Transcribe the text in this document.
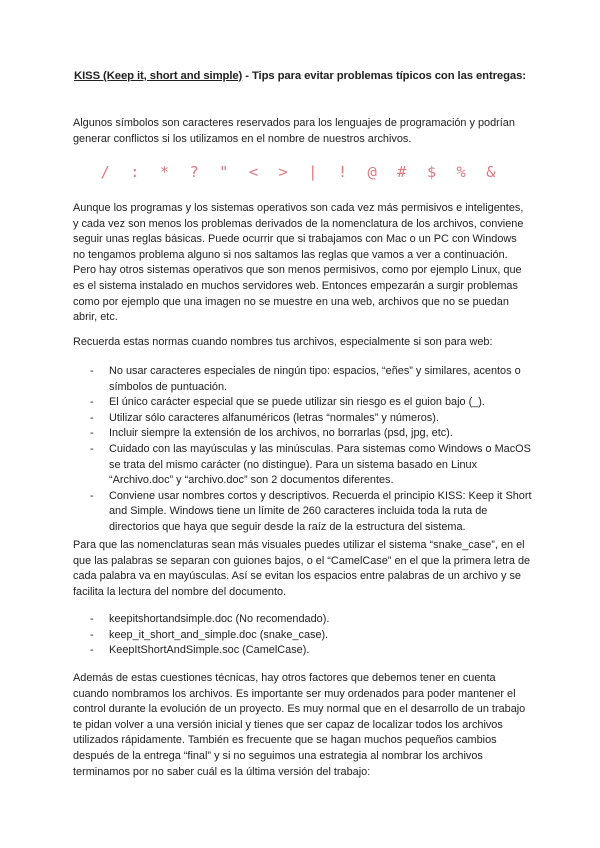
KISS (Keep it, short and simple) - Tips para evitar problemas típicos con las entregas:

Algunos símbolos son caracteres reservados para los lenguajes de programación y podrían generar conflictos si los utilizamos en el nombre de nuestros archivos.

/ : * ? " < > | ! @ # $ % &

Aunque los programas y los sistemas operativos son cada vez más permisivos e inteligentes, y cada vez son menos los problemas derivados de la nomenclatura de los archivos, conviene seguir unas reglas básicas. Puede ocurrir que si trabajamos con Mac o un PC con Windows no tengamos problema alguno si nos saltamos las reglas que vamos a ver a continuación. Pero hay otros sistemas operativos que son menos permisivos, como por ejemplo Linux, que es el sistema instalado en muchos servidores web. Entonces empezarán a surgir problemas como por ejemplo que una imagen no se muestre en una web, archivos que no se puedan abrir, etc.

Recuerda estas normas cuando nombres tus archivos, especialmente si son para web:

- No usar caracteres especiales de ningún tipo: espacios, “eñes” y similares, acentos o símbolos de puntuación.
- El único carácter especial que se puede utilizar sin riesgo es el guion bajo (_).
- Utilizar sólo caracteres alfanuméricos (letras “normales” y números).
- Incluir siempre la extensión de los archivos, no borrarlas (psd, jpg, etc).
- Cuidado con las mayúsculas y las minúsculas. Para sistemas como Windows o MacOS se trata del mismo carácter (no distingue). Para un sistema basado en Linux “Archivo.doc” y “archivo.doc” son 2 documentos diferentes.
- Conviene usar nombres cortos y descriptivos. Recuerda el principio KISS: Keep it Short and Simple. Windows tiene un límite de 260 caracteres incluida toda la ruta de directorios que haya que seguir desde la raíz de la estructura del sistema.

Para que las nomenclaturas sean más visuales puedes utilizar el sistema “snake_case”, en el que las palabras se separan con guiones bajos, o el “CamelCase” en el que la primera letra de cada palabra va en mayúsculas. Así se evitan los espacios entre palabras de un archivo y se facilita la lectura del nombre del documento.

- keepitshortandsimple.doc (No recomendado).
- keep_it_short_and_simple.doc (snake_case).
- KeepItShortAndSimple.soc (CamelCase).

Además de estas cuestiones técnicas, hay otros factores que debemos tener en cuenta cuando nombramos los archivos. Es importante ser muy ordenados para poder mantener el control durante la evolución de un proyecto. Es muy normal que en el desarrollo de un trabajo te pidan volver a una versión inicial y tienes que ser capaz de localizar todos los archivos utilizados rápidamente. También es frecuente que se hagan muchos pequeños cambios después de la entrega “final” y si no seguimos una estrategia al nombrar los archivos terminamos por no saber cuál es la última versión del trabajo:
